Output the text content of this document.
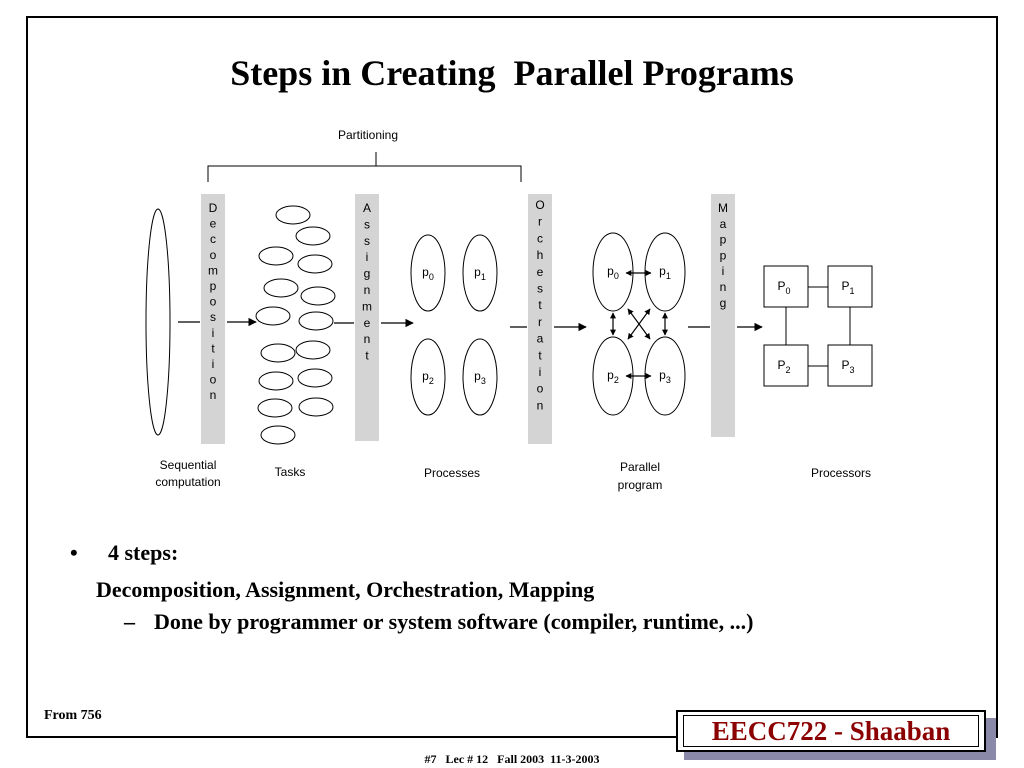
Steps in Creating  Parallel Programs
Partitioning
D e c o m p o s i t i o n
A s s i g n m e n t
O r c h e s t r a t i o n
M a p p i n g
Sequential
computation
Tasks
$p_0$	$p_1$
$p_2$	$p_3$
Processes
$p_0$	$p_1$
$p_2$	$p_3$
Parallel
program
$P_0$	$P_1$
$P_2$	$P_3$
Processors
• 4 steps:
Decomposition, Assignment, Orchestration, Mapping
– Done by programmer or system software (compiler, runtime, ...)
From 756	EECC722 - Shaaban
#7   Lec # 12   Fall 2003  11-3-2003
